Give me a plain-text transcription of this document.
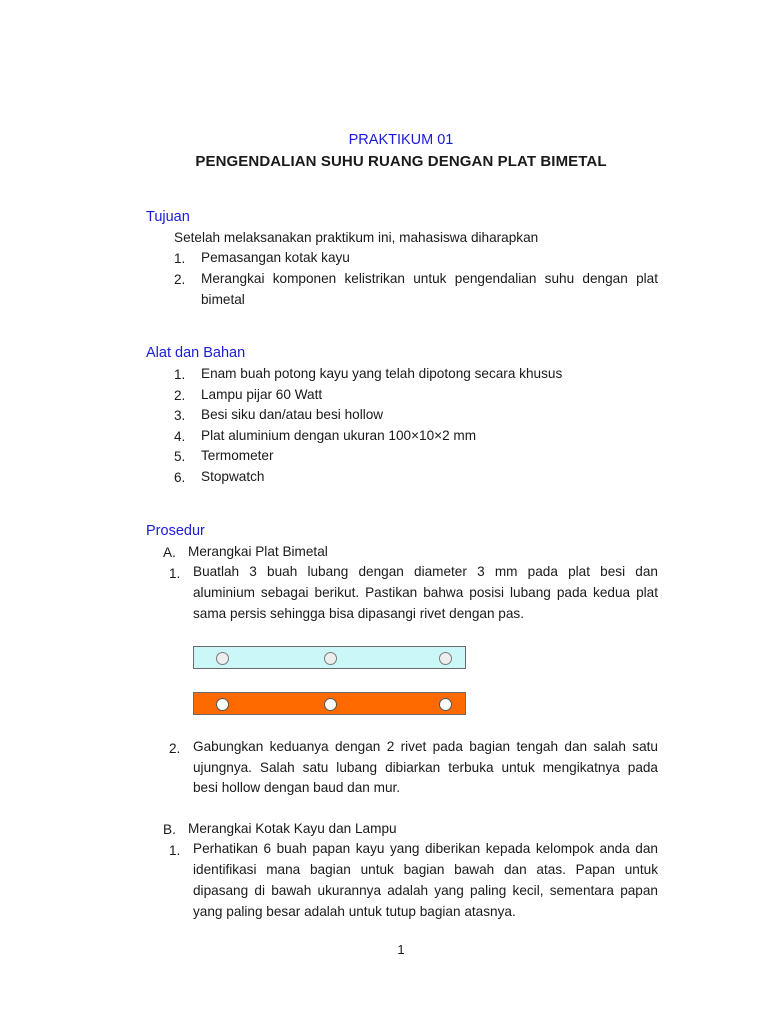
PRAKTIKUM 01
PENGENDALIAN SUHU RUANG DENGAN PLAT BIMETAL
Tujuan
Setelah melaksanakan praktikum ini, mahasiswa diharapkan
1. Pemasangan kotak kayu
2. Merangkai komponen kelistrikan untuk pengendalian suhu dengan plat
bimetal
Alat dan Bahan
1. Enam buah potong kayu yang telah dipotong secara khusus
2. Lampu pijar 60 Watt
3. Besi siku dan/atau besi hollow
4. Plat aluminium dengan ukuran 100×10×2 mm
5. Termometer
6. Stopwatch
Prosedur
A. Merangkai Plat Bimetal
1. Buatlah 3 buah lubang dengan diameter 3 mm pada plat besi dan
aluminium sebagai berikut. Pastikan bahwa posisi lubang pada kedua plat
sama persis sehingga bisa dipasangi rivet dengan pas.
2. Gabungkan keduanya dengan 2 rivet pada bagian tengah dan salah satu
ujungnya. Salah satu lubang dibiarkan terbuka untuk mengikatnya pada
besi hollow dengan baud dan mur.
B. Merangkai Kotak Kayu dan Lampu
1. Perhatikan 6 buah papan kayu yang diberikan kepada kelompok anda dan
identifikasi mana bagian untuk bagian bawah dan atas. Papan untuk
dipasang di bawah ukurannya adalah yang paling kecil, sementara papan
yang paling besar adalah untuk tutup bagian atasnya.
1
